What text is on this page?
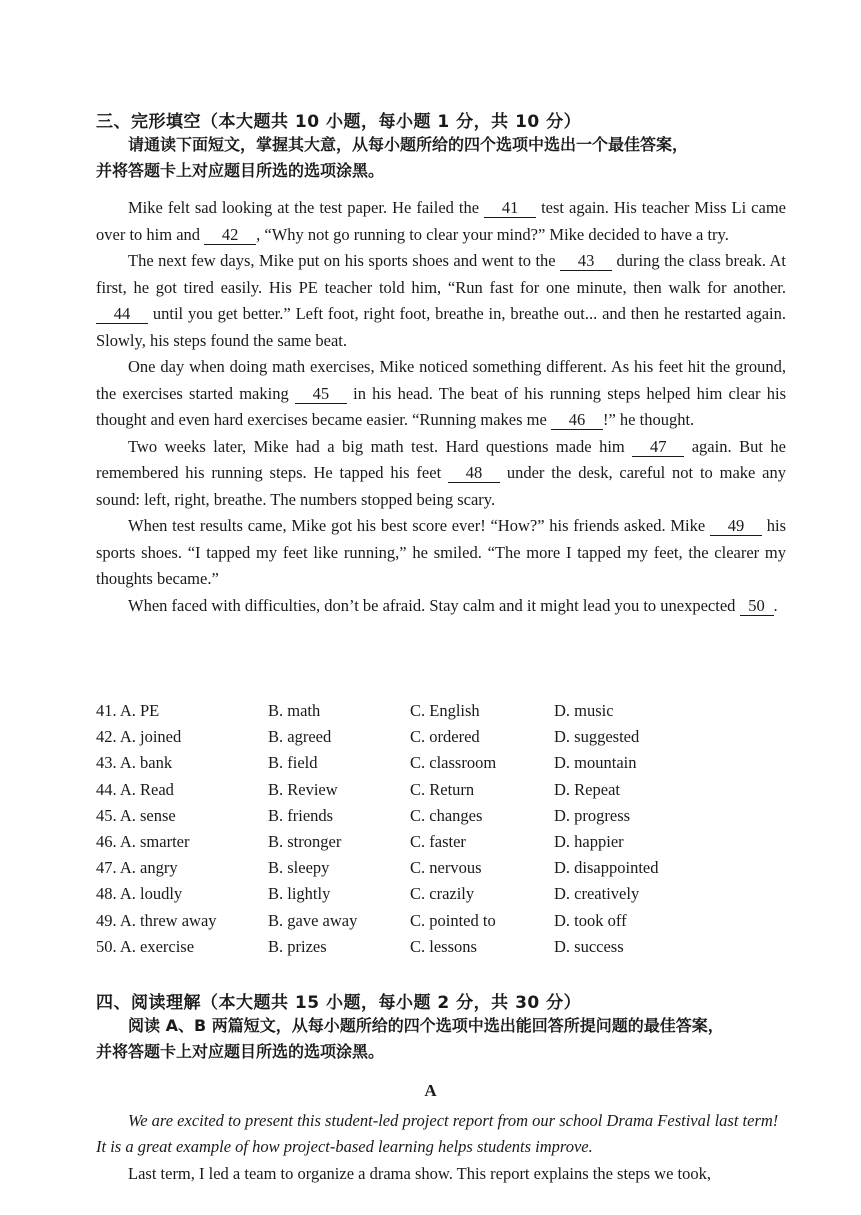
三、完形填空（本大题共 10 小题，每小题 1 分，共 10 分）
请通读下面短文，掌握其大意，从每小题所给的四个选项中选出一个最佳答案，
并将答题卡上对应题目所选的选项涂黑。

Mike felt sad looking at the test paper. He failed the 41 test again. His teacher Miss Li came over to him and 42 , “Why not go running to clear your mind?” Mike decided to have a try.

The next few days, Mike put on his sports shoes and went to the 43 during the class break. At first, he got tired easily. His PE teacher told him, “Run fast for one minute, then walk for another. 44 until you get better.” Left foot, right foot, breathe in, breathe out... and then he restarted again. Slowly, his steps found the same beat.

One day when doing math exercises, Mike noticed something different. As his feet hit the ground, the exercises started making 45 in his head. The beat of his running steps helped him clear his thought and even hard exercises became easier. “Running makes me 46 !” he thought.

Two weeks later, Mike had a big math test. Hard questions made him 47 again. But he remembered his running steps. He tapped his feet 48 under the desk, careful not to make any sound: left, right, breathe. The numbers stopped being scary.

When test results came, Mike got his best score ever! “How?” his friends asked. Mike 49 his sports shoes. “I tapped my feet like running,” he smiled. “The more I tapped my feet, the clearer my thoughts became.”

When faced with difficulties, don’t be afraid. Stay calm and it might lead you to unexpected 50 .

41. A. PE	B. math	C. English	D. music
42. A. joined	B. agreed	C. ordered	D. suggested
43. A. bank	B. field	C. classroom	D. mountain
44. A. Read	B. Review	C. Return	D. Repeat
45. A. sense	B. friends	C. changes	D. progress
46. A. smarter	B. stronger	C. faster	D. happier
47. A. angry	B. sleepy	C. nervous	D. disappointed
48. A. loudly	B. lightly	C. crazily	D. creatively
49. A. threw away	B. gave away	C. pointed to	D. took off
50. A. exercise	B. prizes	C. lessons	D. success
四、阅读理解（本大题共 15 小题，每小题 2 分，共 30 分）
阅读 A、B 两篇短文，从每小题所给的四个选项中选出能回答所提问题的最佳答案，
并将答题卡上对应题目所选的选项涂黑。
A
We are excited to present this student-led project report from our school Drama Festival last term! It is a great example of how project-based learning helps students improve.
Last term, I led a team to organize a drama show. This report explains the steps we took,
